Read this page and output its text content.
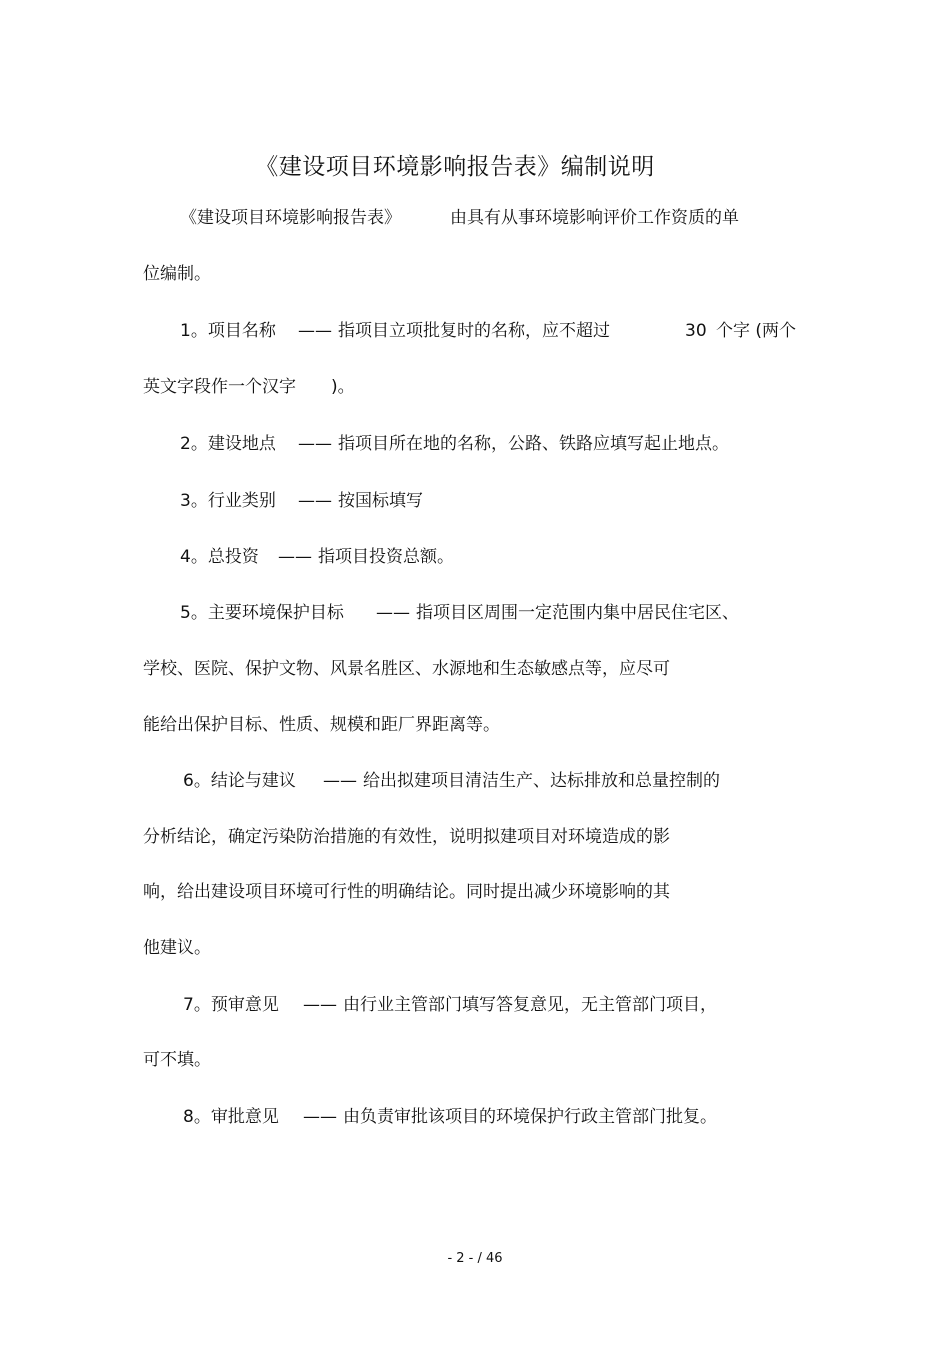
《建设项目环境影响报告表》编制说明
《建设项目环境影响报告表》	由具有从事环境影响评价工作资质的单
位编制。
1。项目名称 —— 指项目立项批复时的名称，应不超过	30 个字 (两个
英文字段作一个汉字 )。
2。建设地点 —— 指项目所在地的名称，公路、铁路应填写起止地点。
3。行业类别 —— 按国标填写
4。总投资 —— 指项目投资总额。
5。主要环境保护目标 —— 指项目区周围一定范围内集中居民住宅区、
学校、医院、保护文物、风景名胜区、水源地和生态敏感点等，应尽可
能给出保护目标、性质、规模和距厂界距离等。
6。结论与建议 —— 给出拟建项目清洁生产、达标排放和总量控制的
分析结论，确定污染防治措施的有效性，说明拟建项目对环境造成的影
响，给出建设项目环境可行性的明确结论。同时提出减少环境影响的其
他建议。
7。预审意见 —— 由行业主管部门填写答复意见，无主管部门项目，
可不填。
8。审批意见 —— 由负责审批该项目的环境保护行政主管部门批复。
- 2 - / 46
